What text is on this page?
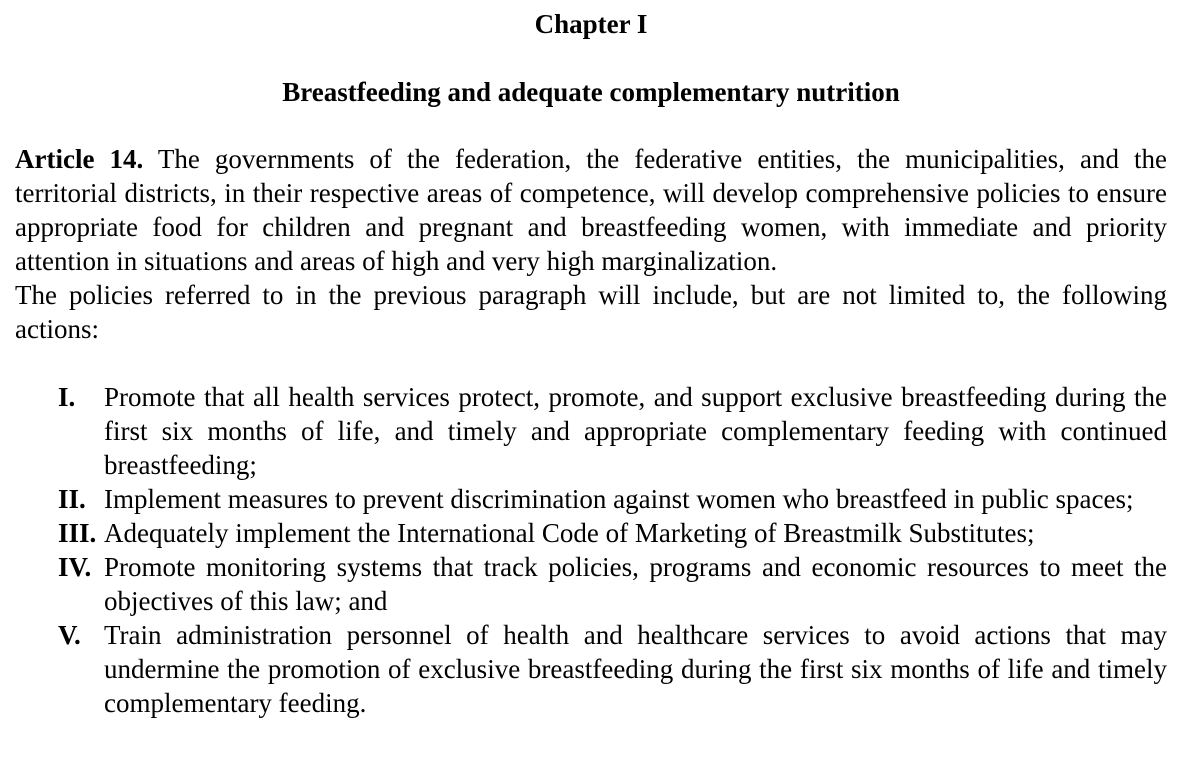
Chapter I
Breastfeeding and adequate complementary nutrition

Article 14. The governments of the federation, the federative entities, the municipalities, and the territorial districts, in their respective areas of competence, will develop comprehensive policies to ensure appropriate food for children and pregnant and breastfeeding women, with immediate and priority attention in situations and areas of high and very high marginalization.

The policies referred to in the previous paragraph will include, but are not limited to, the following actions:

I.	Promote that all health services protect, promote, and support exclusive breastfeeding during the first six months of life, and timely and appropriate complementary feeding with continued breastfeeding;
II. Implement measures to prevent discrimination against women who breastfeed in public spaces;
III. Adequately implement the International Code of Marketing of Breastmilk Substitutes;
IV. Promote monitoring systems that track policies, programs and economic resources to meet the objectives of this law; and
V. Train administration personnel of health and healthcare services to avoid actions that may undermine the promotion of exclusive breastfeeding during the first six months of life and timely complementary feeding.
